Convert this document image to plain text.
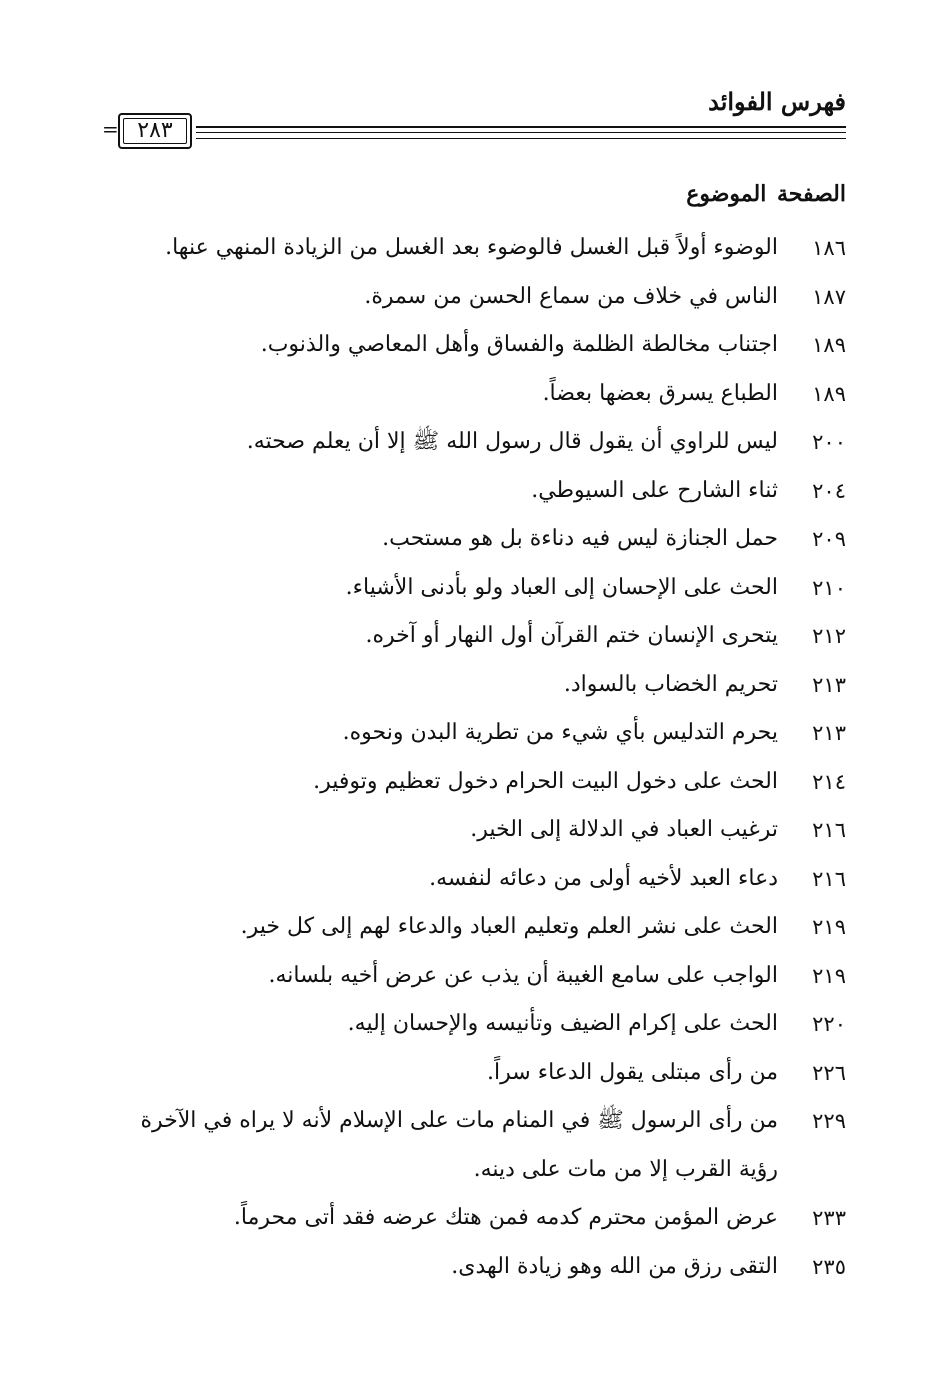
فهرس الفوائد
= ٢٨٣
الصفحة الموضوع
١٨٦
الوضوء أولاً قبل الغسل فالوضوء بعد الغسل من الزيادة المنهي عنها.
١٨٧
الناس في خلاف من سماع الحسن من سمرة.
١٨٩
اجتناب مخالطة الظلمة والفساق وأهل المعاصي والذنوب.
١٨٩
الطباع يسرق بعضها بعضاً.
٢٠٠
ليس للراوي أن يقول قال رسول الله ﷺ إلا أن يعلم صحته.
٢٠٤
ثناء الشارح على السيوطي.
٢٠٩
حمل الجنازة ليس فيه دناءة بل هو مستحب.
٢١٠
الحث على الإحسان إلى العباد ولو بأدنى الأشياء.
٢١٢
يتحرى الإنسان ختم القرآن أول النهار أو آخره.
٢١٣
تحريم الخضاب بالسواد.
٢١٣
يحرم التدليس بأي شيء من تطرية البدن ونحوه.
٢١٤
الحث على دخول البيت الحرام دخول تعظيم وتوفير.
٢١٦
ترغيب العباد في الدلالة إلى الخير.
٢١٦
دعاء العبد لأخيه أولى من دعائه لنفسه.
٢١٩
الحث على نشر العلم وتعليم العباد والدعاء لهم إلى كل خير.
٢١٩
الواجب على سامع الغيبة أن يذب عن عرض أخيه بلسانه.
٢٢٠
الحث على إكرام الضيف وتأنيسه والإحسان إليه.
٢٢٦
من رأى مبتلى يقول الدعاء سراً.
٢٢٩
من رأى الرسول ﷺ في المنام مات على الإسلام لأنه لا يراه في الآخرة رؤية القرب إلا من مات على دينه.
٢٣٣
عرض المؤمن محترم كدمه فمن هتك عرضه فقد أتى محرماً.
٢٣٥
التقى رزق من الله وهو زيادة الهدى.
